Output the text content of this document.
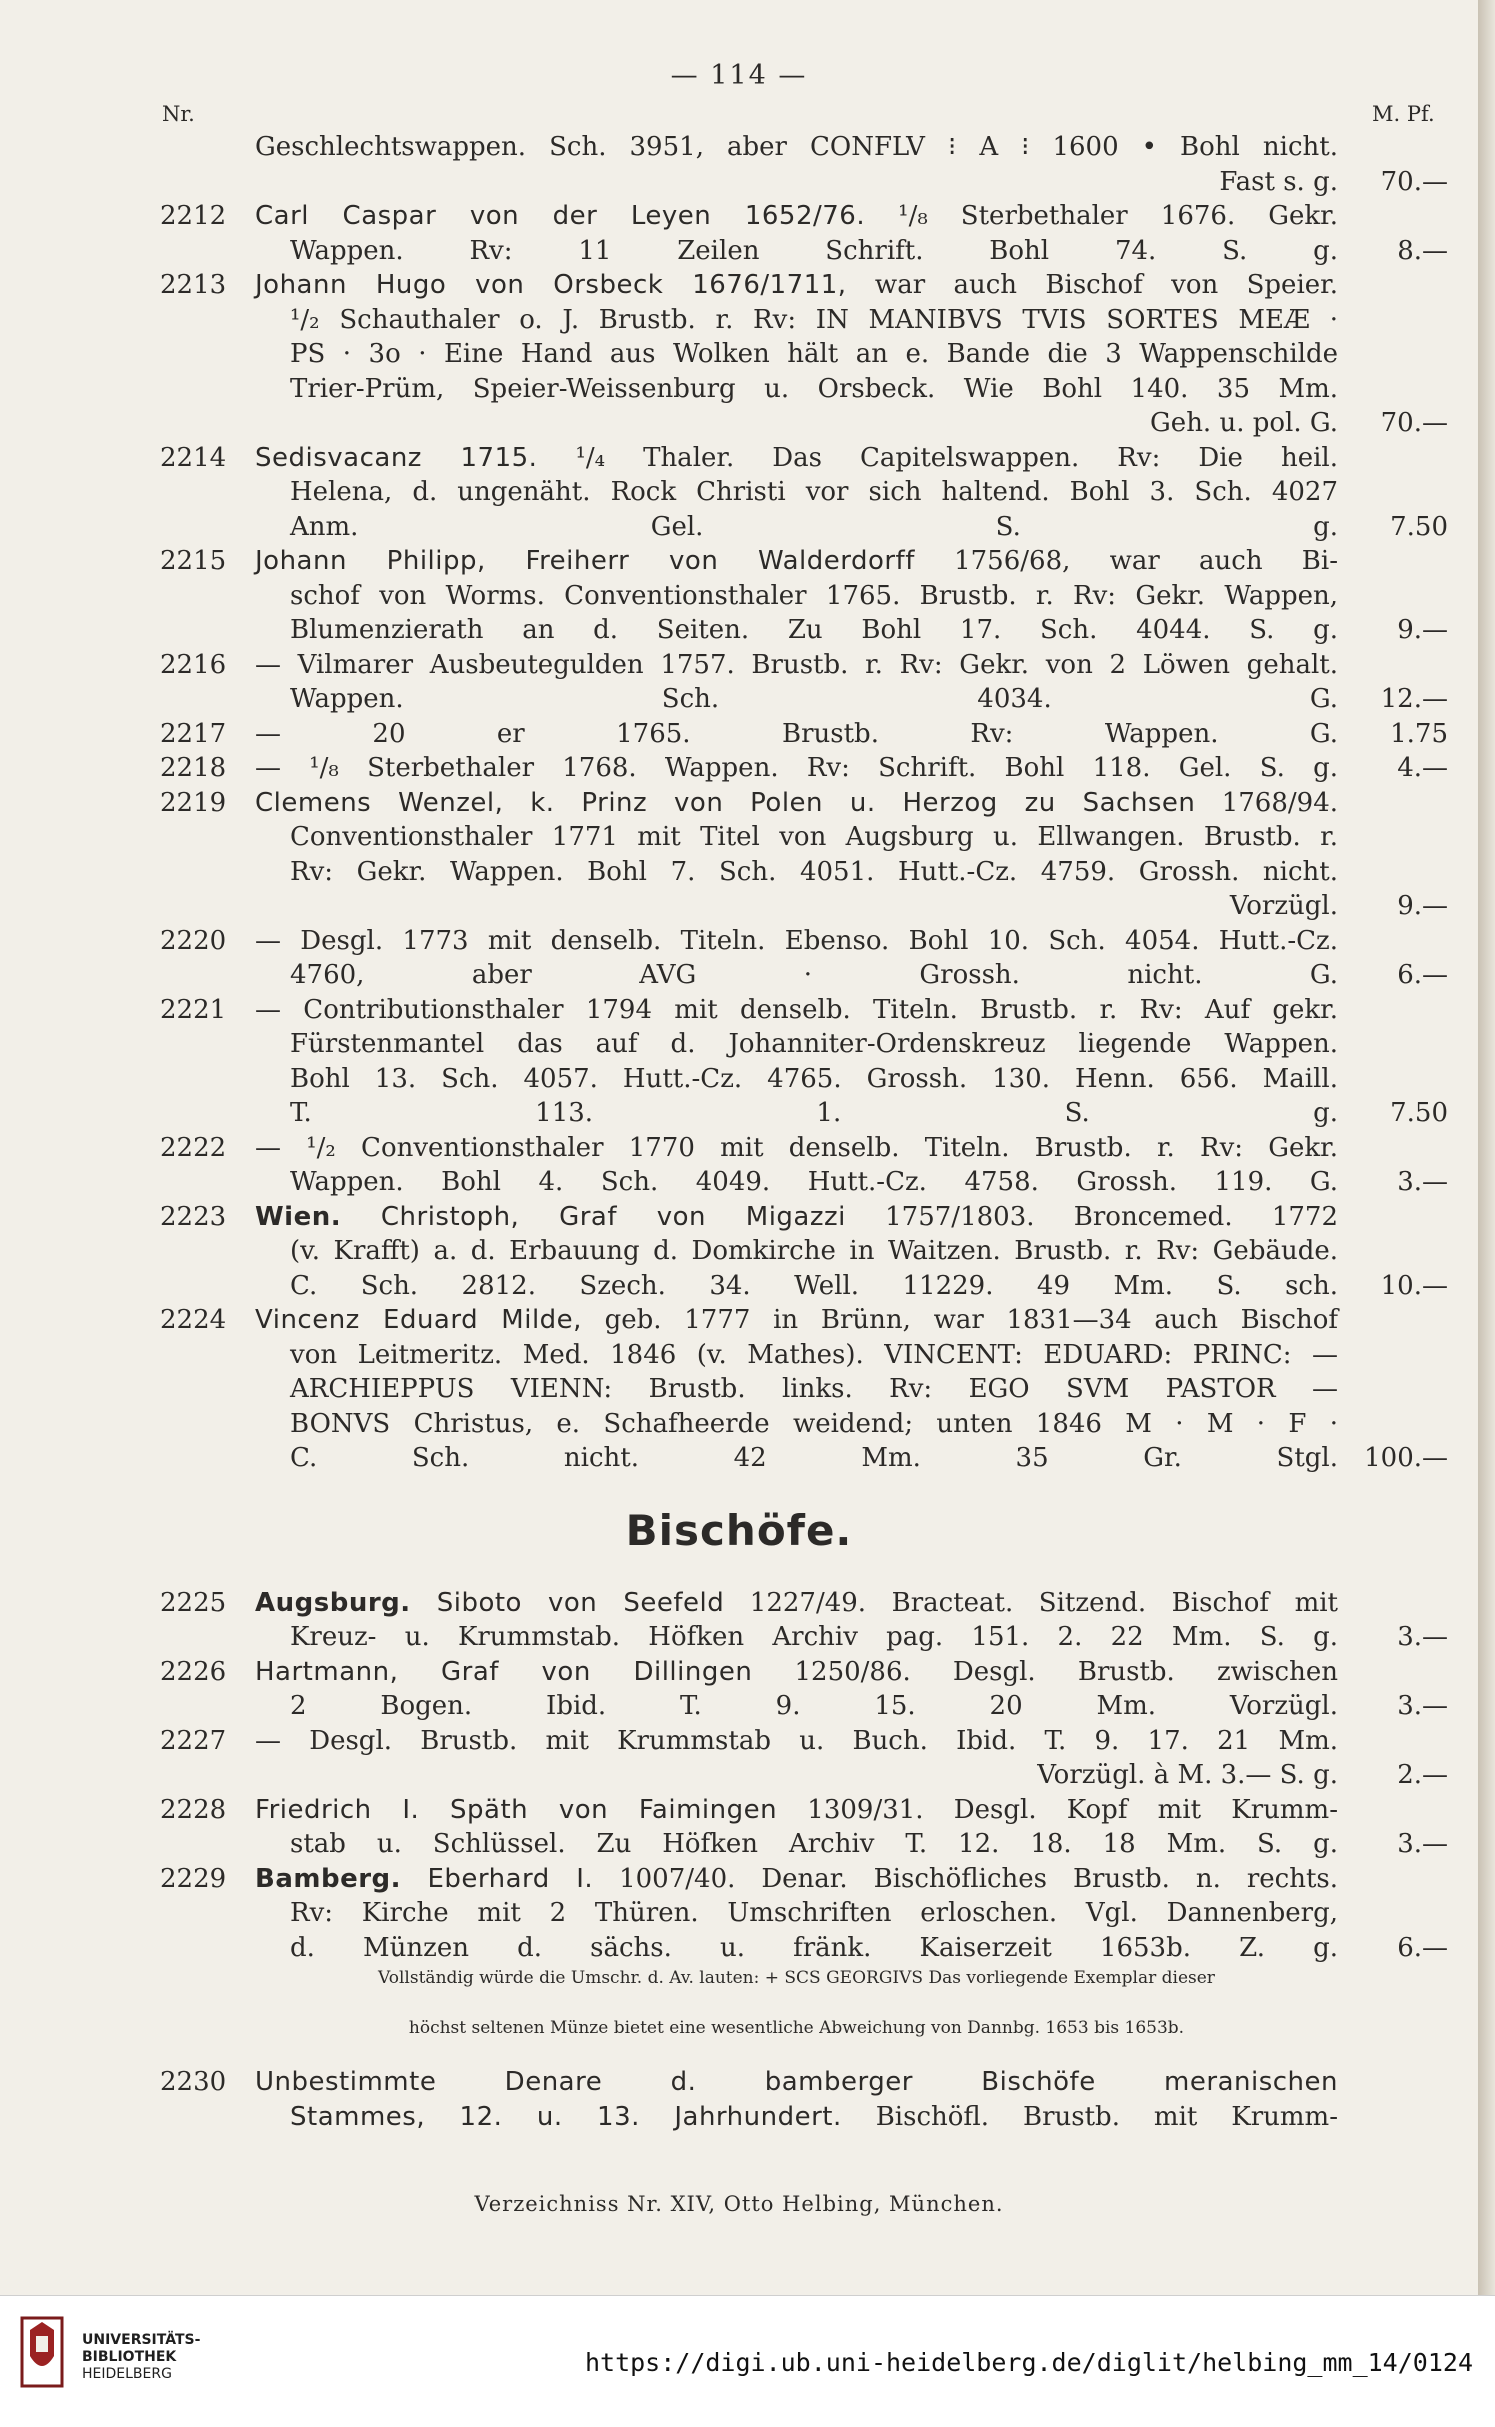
— 114 —
Nr.	M. Pf.
Geschlechtswappen. Sch. 3951, aber CONFLV ⁝ A ⁝ 1600 • Bohl nicht.
Fast s. g.	70.—
2212 Carl Caspar von der Leyen 1652/76. ¹/₈ Sterbethaler 1676. Gekr.
Wappen. Rv: 11 Zeilen Schrift. Bohl 74. S. g.	8.—
2213 Johann Hugo von Orsbeck 1676/1711, war auch Bischof von Speier.
¹/₂ Schauthaler o. J. Brustb. r. Rv: IN MANIBVS TVIS SORTES MEÆ ·
PS · 3o · Eine Hand aus Wolken hält an e. Bande die 3 Wappenschilde
Trier-Prüm, Speier-Weissenburg u. Orsbeck. Wie Bohl 140. 35 Mm.
Geh. u. pol. G.	70.—
2214 Sedisvacanz 1715. ¹/₄ Thaler. Das Capitelswappen. Rv: Die heil.
Helena, d. ungenäht. Rock Christi vor sich haltend. Bohl 3. Sch. 4027
Anm. Gel. S. g.	7.50
2215 Johann Philipp, Freiherr von Walderdorff 1756/68, war auch Bi-
schof von Worms. Conventionsthaler 1765. Brustb. r. Rv: Gekr. Wappen,
Blumenzierath an d. Seiten. Zu Bohl 17. Sch. 4044. S. g.	9.—
2216 — Vilmarer Ausbeutegulden 1757. Brustb. r. Rv: Gekr. von 2 Löwen gehalt.
Wappen. Sch. 4034. G.	12.—
2217 — 20 er 1765. Brustb. Rv: Wappen. G.	1.75
2218 — ¹/₈ Sterbethaler 1768. Wappen. Rv: Schrift. Bohl 118. Gel. S. g.	4.—
2219 Clemens Wenzel, k. Prinz von Polen u. Herzog zu Sachsen 1768/94.
Conventionsthaler 1771 mit Titel von Augsburg u. Ellwangen. Brustb. r.
Rv: Gekr. Wappen. Bohl 7. Sch. 4051. Hutt.-Cz. 4759. Grossh. nicht.
Vorzügl.	9.—
2220 — Desgl. 1773 mit denselb. Titeln. Ebenso. Bohl 10. Sch. 4054. Hutt.-Cz.
4760, aber AVG · Grossh. nicht. G.	6.—
2221 — Contributionsthaler 1794 mit denselb. Titeln. Brustb. r. Rv: Auf gekr.
Fürstenmantel das auf d. Johanniter-Ordenskreuz liegende Wappen.
Bohl 13. Sch. 4057. Hutt.-Cz. 4765. Grossh. 130. Henn. 656. Maill.
T. 113. 1. S. g.	7.50
2222 — ¹/₂ Conventionsthaler 1770 mit denselb. Titeln. Brustb. r. Rv: Gekr.
Wappen. Bohl 4. Sch. 4049. Hutt.-Cz. 4758. Grossh. 119. G.	3.—
2223 Wien. Christoph, Graf von Migazzi 1757/1803. Broncemed. 1772
(v. Krafft) a. d. Erbauung d. Domkirche in Waitzen. Brustb. r. Rv: Gebäude.
C. Sch. 2812. Szech. 34. Well. 11229. 49 Mm. S. sch.	10.—
2224 Vincenz Eduard Milde, geb. 1777 in Brünn, war 1831—34 auch Bischof
von Leitmeritz. Med. 1846 (v. Mathes). VINCENT: EDUARD: PRINC: —
ARCHIEPPUS VIENN: Brustb. links. Rv: EGO SVM PASTOR —
BONVS Christus, e. Schafheerde weidend; unten 1846 M · M · F ·
C. Sch. nicht. 42 Mm. 35 Gr. Stgl.	100.—
Bischöfe.
2225 Augsburg. Siboto von Seefeld 1227/49. Bracteat. Sitzend. Bischof mit
Kreuz- u. Krummstab. Höfken Archiv pag. 151. 2. 22 Mm. S. g.	3.—
2226 Hartmann, Graf von Dillingen 1250/86. Desgl. Brustb. zwischen
2 Bogen. Ibid. T. 9. 15. 20 Mm. Vorzügl.	3.—
2227 — Desgl. Brustb. mit Krummstab u. Buch. Ibid. T. 9. 17. 21 Mm.
Vorzügl. à M. 3.— S. g.	2.—
2228 Friedrich I. Späth von Faimingen 1309/31. Desgl. Kopf mit Krumm-
stab u. Schlüssel. Zu Höfken Archiv T. 12. 18. 18 Mm. S. g.	3.—
2229 Bamberg. Eberhard I. 1007/40. Denar. Bischöfliches Brustb. n. rechts.
Rv: Kirche mit 2 Thüren. Umschriften erloschen. Vgl. Dannenberg,
d. Münzen d. sächs. u. fränk. Kaiserzeit 1653b. Z. g.	6.—
Vollständig würde die Umschr. d. Av. lauten: + SCS GEORGIVS Das vorliegende Exemplar dieser
höchst seltenen Münze bietet eine wesentliche Abweichung von Dannbg. 1653 bis 1653b.
2230 Unbestimmte Denare d. bamberger Bischöfe meranischen
Stammes, 12. u. 13. Jahrhundert. Bischöfl. Brustb. mit Krumm-
Verzeichniss Nr. XIV, Otto Helbing, München.
UNIVERSITÄTS-
BIBLIOTHEK
HEIDELBERG	https://digi.ub.uni-heidelberg.de/diglit/helbing_mm_14/0124
